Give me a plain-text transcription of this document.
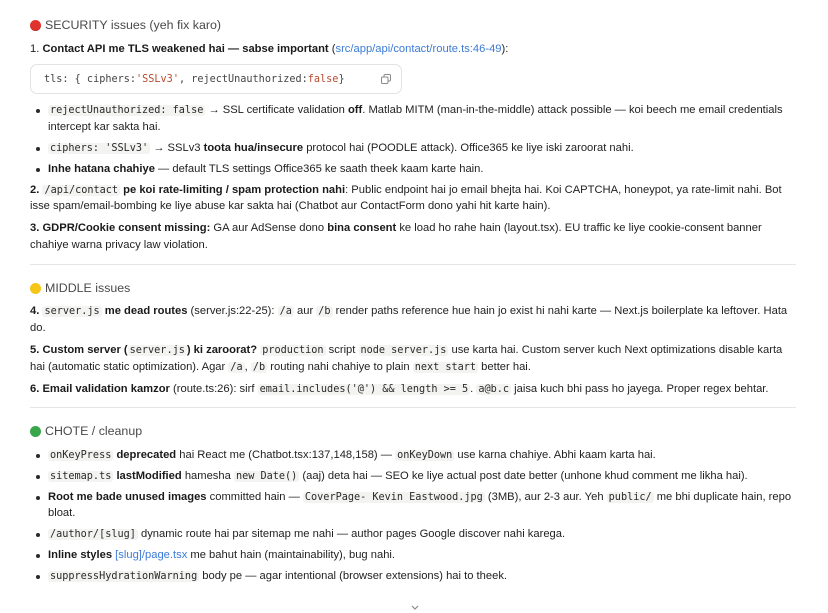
SECURITY issues (yeh fix karo)

1. Contact API me TLS weakened hai — sabse important (src/app/api/contact/route.ts:46-49):

tls: { ciphers: 'SSLv3' , rejectUnauthorized: false }
rejectUnauthorized: false → SSL certificate validation off. Matlab MITM (man-in-the-middle) attack possible — koi beech me email credentials intercept kar sakta hai.
ciphers: 'SSLv3' → SSLv3 toota hua/insecure protocol hai (POODLE attack). Office365 ke liye iski zaroorat nahi.
Inhe hatana chahiye — default TLS settings Office365 ke saath theek kaam karte hain.

2. /api/contact pe koi rate-limiting / spam protection nahi: Public endpoint hai jo email bhejta hai. Koi CAPTCHA, honeypot, ya rate-limit nahi. Bot isse spam/email-bombing ke liye abuse kar sakta hai (Chatbot aur ContactForm dono yahi hit karte hain).

3. GDPR/Cookie consent missing: GA aur AdSense dono bina consent ke load ho rahe hain (layout.tsx). EU traffic ke liye cookie-consent banner chahiye warna privacy law violation.

MIDDLE issues

4. server.js me dead routes (server.js:22-25): /a aur /b render paths reference hue hain jo exist hi nahi karte — Next.js boilerplate ka leftover. Hata do.

5. Custom server ( server.js ) ki zaroorat? production script node server.js use karta hai. Custom server kuch Next optimizations disable karta hai (automatic static optimization). Agar /a , /b routing nahi chahiye to plain next start better hai.

6. Email validation kamzor (route.ts:26): sirf email.includes('@') && length >= 5 . a@b.c jaisa kuch bhi pass ho jayega. Proper regex behtar.

CHOTE / cleanup
onKeyPress deprecated hai React me (Chatbot.tsx:137,148,158) — onKeyDown use karna chahiye. Abhi kaam karta hai.
sitemap.ts lastModified hamesha new Date() (aaj) deta hai — SEO ke liye actual post date better (unhone khud comment me likha hai).
Root me bade unused images committed hain — CoverPage- Kevin Eastwood.jpg (3MB), aur 2-3 aur. Yeh public/ me bhi duplicate hain, repo bloat.
/author/[slug] dynamic route hai par sitemap me nahi — author pages Google discover nahi karega.
Inline styles [slug]/page.tsx me bahut hain (maintainability), bug nahi.
suppressHydrationWarning body pe — agar intentional (browser extensions) hai to theek.
